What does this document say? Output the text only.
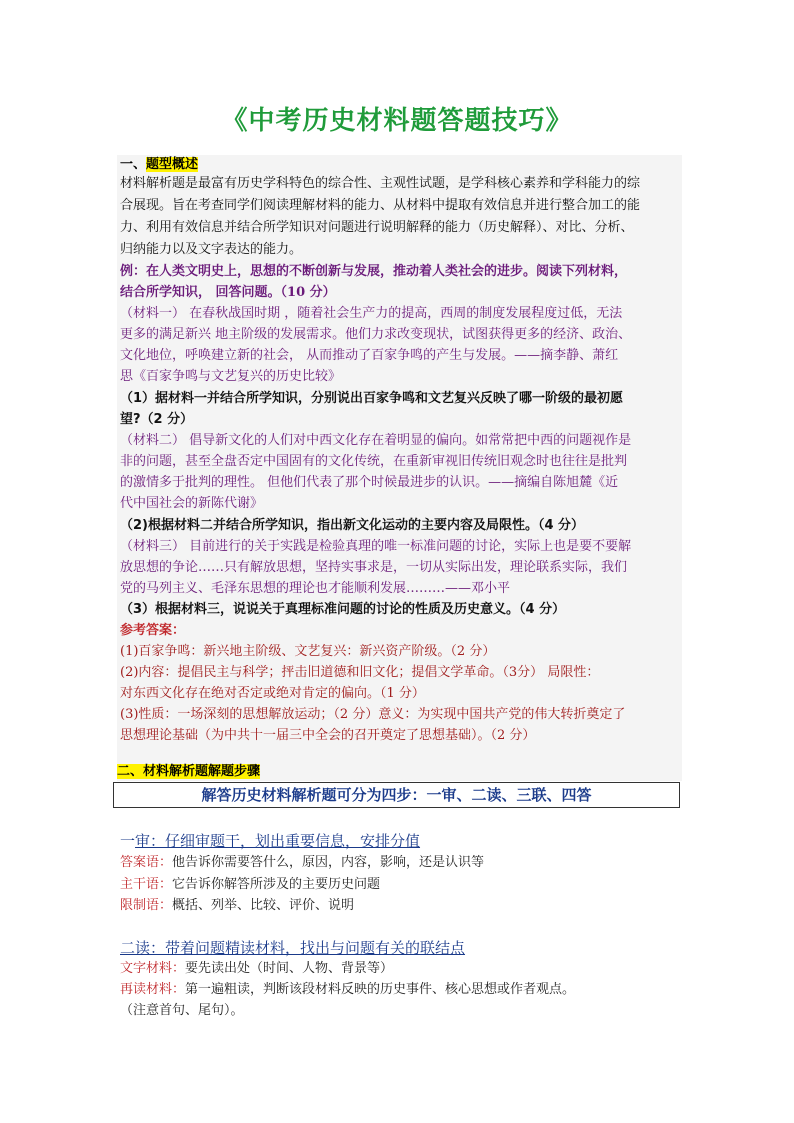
《中考历史材料题答题技巧》
一、题型概述
材料解析题是最富有历史学科特色的综合性、主观性试题，是学科核心素养和学科能力的综
合展现。旨在考查同学们阅读理解材料的能力、从材料中提取有效信息并进行整合加工的能
力、利用有效信息并结合所学知识对问题进行说明解释的能力（历史解释）、对比、分析、
归纳能力以及文字表达的能力。
例：在人类文明史上，思想的不断创新与发展，推动着人类社会的进步。阅读下列材料，
结合所学知识， 回答问题。（10 分）
（材料一） 在春秋战国时期 ，随着社会生产力的提高，西周的制度发展程度过低，无法
更多的满足新兴 地主阶级的发展需求。他们力求改变现状，试图获得更多的经济、政治、
文化地位，呼唤建立新的社会， 从而推动了百家争鸣的产生与发展。——摘李静、萧红
思《百家争鸣与文艺复兴的历史比较》
（1）据材料一并结合所学知识，分别说出百家争鸣和文艺复兴反映了哪一阶级的最初愿
望?（2 分）
（材料二） 倡导新文化的人们对中西文化存在着明显的偏向。如常常把中西的问题视作是
非的问题，甚至全盘否定中国固有的文化传统，在重新审视旧传统旧观念时也往往是批判
的激情多于批判的理性。 但他们代表了那个时候最进步的认识。——摘编自陈旭麓《近
代中国社会的新陈代谢》
（2)根据材料二并结合所学知识，指出新文化运动的主要内容及局限性。（4 分）
（材料三） 目前进行的关于实践是检验真理的唯一标准问题的讨论，实际上也是要不要解
放思想的争论……只有解放思想，坚持实事求是，一切从实际出发，理论联系实际，我们
党的马列主义、毛泽东思想的理论也才能顺利发展………——邓小平
（3）根据材料三，说说关于真理标准问题的讨论的性质及历史意义。（4 分）
参考答案：
(1)百家争鸣：新兴地主阶级、文艺复兴：新兴资产阶级。（2 分）
(2)内容：提倡民主与科学；抨击旧道德和旧文化；提倡文学革命。（3分） 局限性：
对东西文化存在绝对否定或绝对肯定的偏向。（1 分）
(3)性质：一场深刻的思想解放运动；（2 分）意义：为实现中国共产党的伟大转折奠定了
思想理论基础（为中共十一届三中全会的召开奠定了思想基础）。（2 分）
二、材料解析题解题步骤
解答历史材料解析题可分为四步：一审、二读、三联、四答
一审：仔细审题干，划出重要信息，安排分值
答案语：他告诉你需要答什么，原因，内容，影响，还是认识等
主干语：它告诉你解答所涉及的主要历史问题
限制语：概括、列举、比较、评价、说明
二读：带着问题精读材料，找出与问题有关的联结点
文字材料：要先读出处（时间、人物、背景等）
再读材料：第一遍粗读，判断该段材料反映的历史事件、核心思想或作者观点。
（注意首句、尾句）。
